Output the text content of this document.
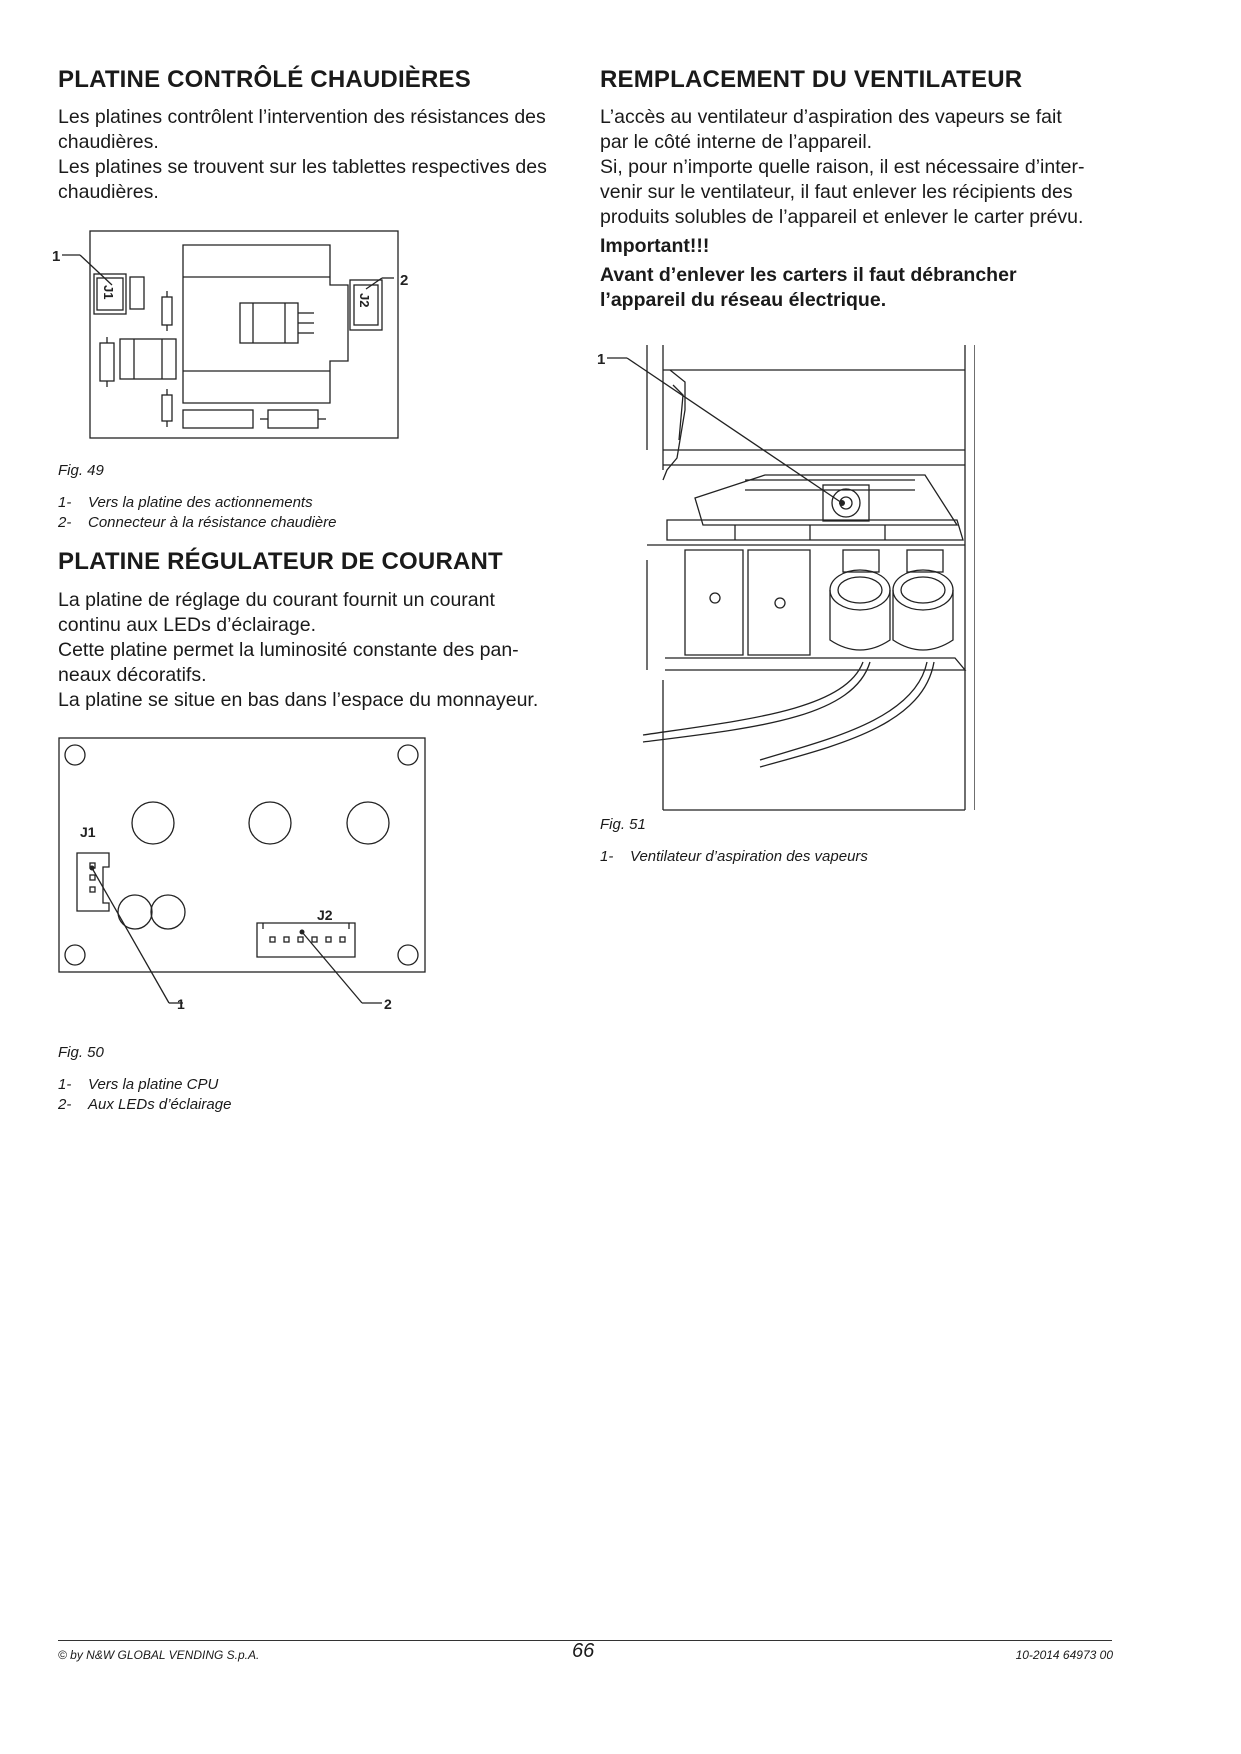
PLATINE CONTRÔLÉ CHAUDIÈRES

Les platines contrôlent l’intervention des résistances des

chaudières.

Les platines se trouvent sur les tablettes respectives des

chaudières.

1
2
J1
J2
Fig. 49
1- Vers la platine des actionnements
2- Connecteur à la résistance chaudière
PLATINE RÉGULATEUR DE COURANT

La platine de réglage du courant fournit un courant

continu aux LEDs d’éclairage.

Cette platine permet la luminosité constante des pan-

neaux décoratifs.

La platine se situe en bas dans l’espace du monnayeur.

J1
J2
1	2
Fig. 50
1- Vers la platine CPU
2- Aux LEDs d’éclairage
REMPLACEMENT DU VENTILATEUR

L’accès au ventilateur d’aspiration des vapeurs se fait

par le côté interne de l’appareil.

Si, pour n’importe quelle raison, il est nécessaire d’inter-

venir sur le ventilateur, il faut enlever les récipients des

produits solubles de l’appareil et enlever le carter prévu.

Important!!!

Avant d’enlever les carters il faut débrancher

l’appareil du réseau électrique.

1
Fig. 51
1- Ventilateur d’aspiration des vapeurs
© by N&W GLOBAL VENDING S.p.A.	66	10-2014 64973 00
